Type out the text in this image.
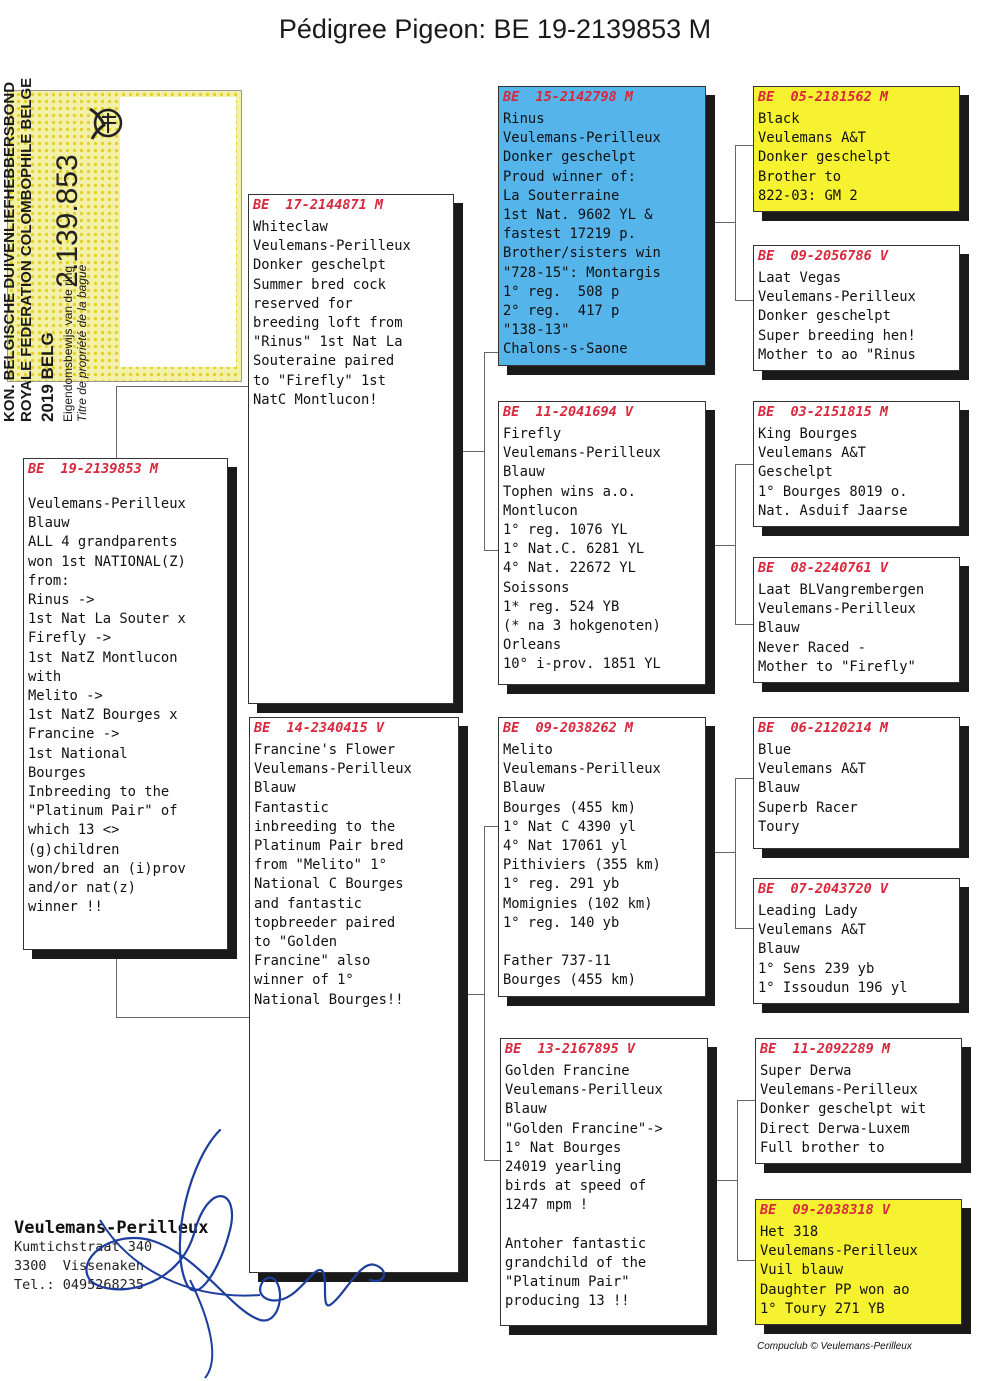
Pédigree Pigeon: BE 19-2139853 M
KON. BELGISCHE DUIVENLIEFHEBBERSBOND ROYALE FEDERATION COLOMBOPHILE BELGE 2019 BELG Eigendomsbewijs van de ring Titre de propriété de la bague
2.139.853
BE  19-2139853 M
Veulemans-Perilleux
Blauw
ALL 4 grandparents
won 1st NATIONAL(Z)
from:
Rinus ->
1st Nat La Souter x
Firefly ->
1st NatZ Montlucon
with
Melito ->
1st NatZ Bourges x
Francine ->
1st National
Bourges
Inbreeding to the
"Platinum Pair" of
which 13 <>
(g)children
won/bred an (i)prov
and/or nat(z)
winner !!
BE  17-2144871 M
Whiteclaw
Veulemans-Perilleux
Donker geschelpt
Summer bred cock
reserved for
breeding loft from
"Rinus" 1st Nat La
Souteraine paired
to "Firefly" 1st
NatC Montlucon!
BE  14-2340415 V
Francine's Flower
Veulemans-Perilleux
Blauw
Fantastic
inbreeding to the
Platinum Pair bred
from "Melito" 1°
National C Bourges
and fantastic
topbreeder paired
to "Golden
Francine" also
winner of 1°
National Bourges!!
BE  15-2142798 M
Rinus
Veulemans-Perilleux
Donker geschelpt
Proud winner of:
La Souterraine
1st Nat. 9602 YL &
fastest 17219 p.
Brother/sisters win
"728-15": Montargis
1° reg.  508 p
2° reg.  417 p
"138-13"
Chalons-s-Saone
BE  11-2041694 V
Firefly
Veulemans-Perilleux
Blauw
Tophen wins a.o.
Montlucon
1° reg. 1076 YL
1° Nat.C. 6281 YL
4° Nat. 22672 YL
Soissons
1* reg. 524 YB
(* na 3 hokgenoten)
Orleans
10° i-prov. 1851 YL
BE  09-2038262 M
Melito
Veulemans-Perilleux
Blauw
Bourges (455 km)
1° Nat C 4390 yl
4° Nat 17061 yl
Pithiviers (355 km)
1° reg. 291 yb
Momignies (102 km)
1° reg. 140 yb

Father 737-11
Bourges (455 km)
BE  13-2167895 V
Golden Francine
Veulemans-Perilleux
Blauw
"Golden Francine"->
1° Nat Bourges
24019 yearling
birds at speed of
1247 mpm !

Antoher fantastic
grandchild of the
"Platinum Pair"
producing 13 !!
BE  05-2181562 M
Black
Veulemans A&T
Donker geschelpt
Brother to
822-03: GM 2
BE  09-2056786 V
Laat Vegas
Veulemans-Perilleux
Donker geschelpt
Super breeding hen!
Mother to ao "Rinus
BE  03-2151815 M
King Bourges
Veulemans A&T
Geschelpt
1° Bourges 8019 o.
Nat. Asduif Jaarse
BE  08-2240761 V
Laat BLVangrembergen
Veulemans-Perilleux
Blauw
Never Raced -
Mother to "Firefly"
BE  06-2120214 M
Blue
Veulemans A&T
Blauw
Superb Racer
Toury
BE  07-2043720 V
Leading Lady
Veulemans A&T
Blauw
1° Sens 239 yb
1° Issoudun 196 yl
BE  11-2092289 M
Super Derwa
Veulemans-Perilleux
Donker geschelpt wit
Direct Derwa-Luxem
Full brother to
BE  09-2038318 V
Het 318
Veulemans-Perilleux
Vuil blauw
Daughter PP won ao
1° Toury 271 YB
Veulemans-Perilleux
Kumtichstraat 340
3300  Vissenaken
Tel.: 0495268235
Compuclub © Veulemans-Perilleux
